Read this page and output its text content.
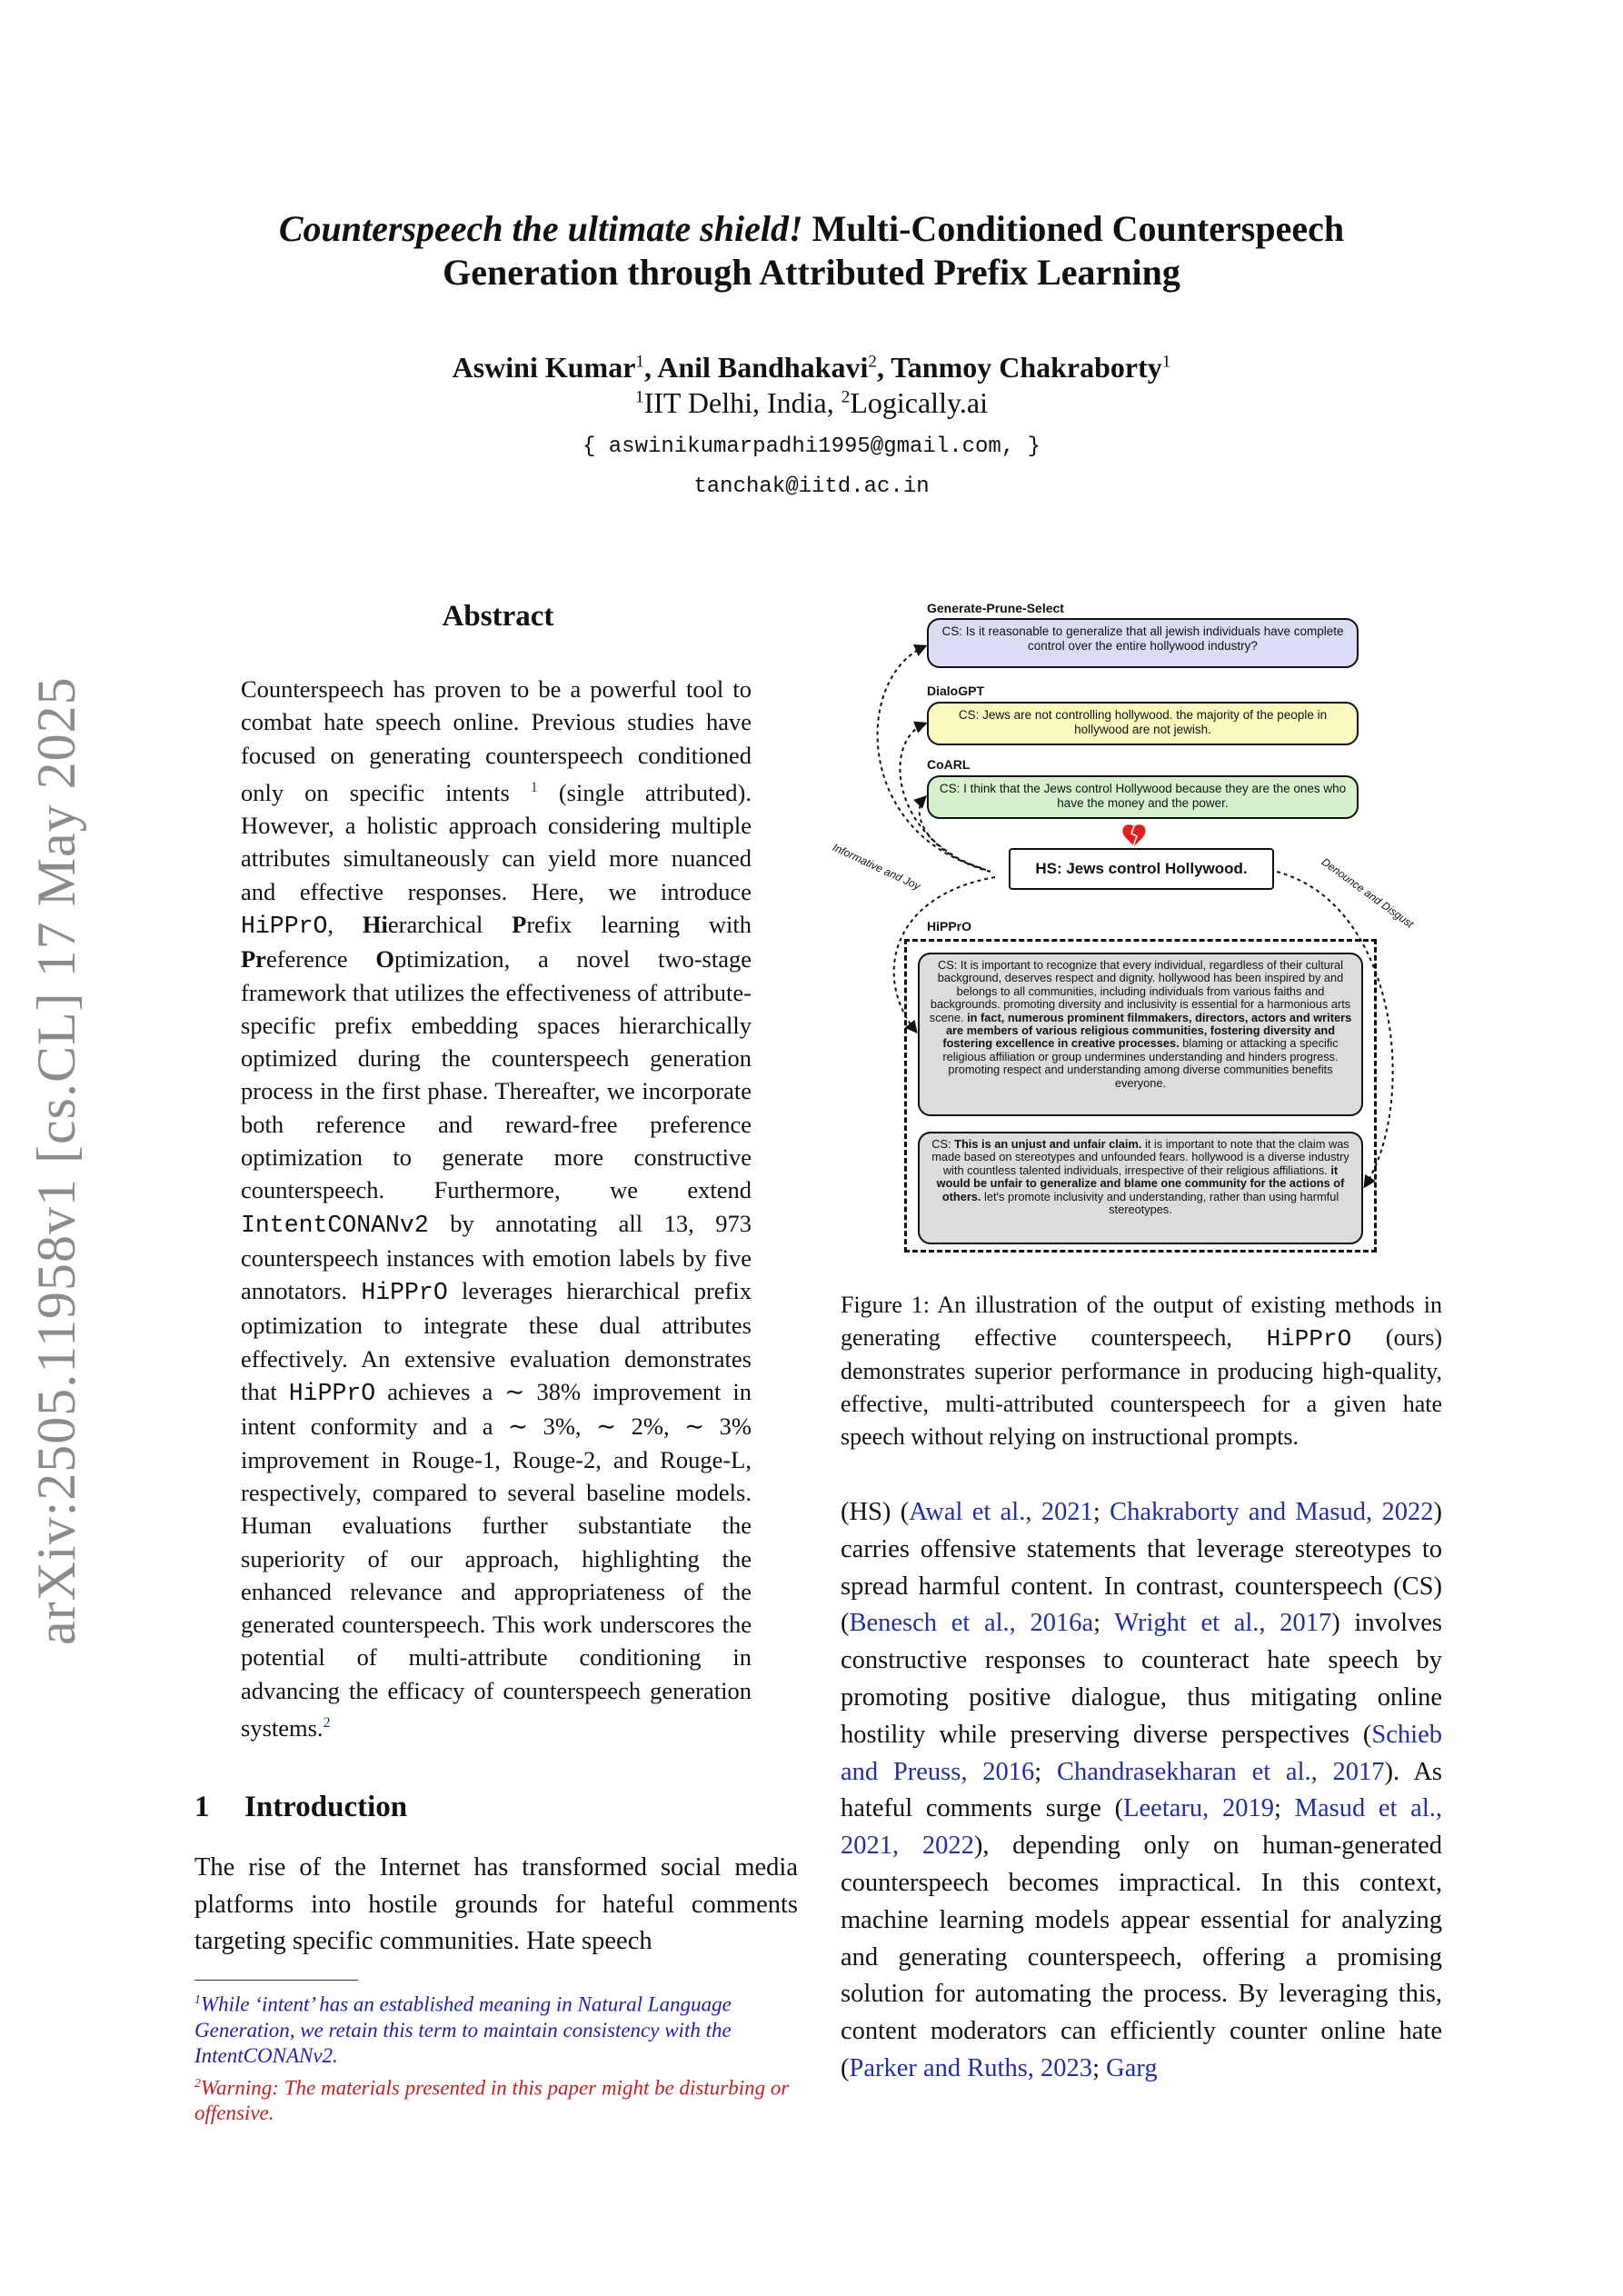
arXiv:2505.11958v1 [cs.CL] 17 May 2025

Counterspeech the ultimate shield! Multi-Conditioned Counterspeech

Generation through Attributed Prefix Learning

Aswini Kumar$^1$, Anil Bandhakavi$^2$, Tanmoy Chakraborty$^1$
$^1$IIT Delhi, India, $^2$Logically.ai
{ aswinikumarpadhi1995@gmail.com, }
tanchak@iitd.ac.in
Abstract
Counterspeech has proven to be a powerful tool to combat hate speech online. Previous studies have focused on generating counterspeech conditioned only on specific intents $^1$ (single attributed). However, a holistic approach considering multiple attributes simultaneously can yield more nuanced and effective responses. Here, we introduce HiPPrO, Hierarchical Prefix learning with Preference Optimization, a novel two-stage framework that utilizes the effectiveness of attribute-specific prefix embedding spaces hierarchically optimized during the counterspeech generation process in the first phase. Thereafter, we incorporate both reference and reward-free preference optimization to generate more constructive counterspeech. Furthermore, we extend IntentCONANv2 by annotating all 13, 973 counterspeech instances with emotion labels by five annotators. HiPPrO leverages hierarchical prefix optimization to integrate these dual attributes effectively. An extensive evaluation demonstrates that HiPPrO achieves a ∼ 38% improvement in intent conformity and a ∼ 3%, ∼ 2%, ∼ 3% improvement in Rouge-1, Rouge-2, and Rouge-L, respectively, compared to several baseline models. Human evaluations further substantiate the superiority of our approach, highlighting the enhanced relevance and appropriateness of the generated counterspeech. This work underscores the potential of multi-attribute conditioning in advancing the efficacy of counterspeech generation systems.$^2$
1 Introduction
The rise of the Internet has transformed social media platforms into hostile grounds for hateful comments targeting specific communities. Hate speech

$^1$While ‘intent’ has an established meaning in Natural Language Generation, we retain this term to maintain consistency with the IntentCONANv2.

$^2$Warning: The materials presented in this paper might be disturbing or offensive.

Generate-Prune-Select
CS: Is it reasonable to generalize that all jewish individuals have complete control over the entire hollywood industry?
DialoGPT
CS: Jews are not controlling hollywood. the majority of the people in hollywood are not jewish.
CoARL
CS: I think that the Jews control Hollywood because they are the ones who have the money and the power.
Informative and Joy	Denounce and Disgust
HS: Jews control Hollywood.
HiPPrO
CS: It is important to recognize that every individual, regardless of their cultural background, deserves respect and dignity. hollywood has been inspired by and belongs to all communities, including individuals from various faiths and backgrounds. promoting diversity and inclusivity is essential for a harmonious arts scene. in fact, numerous prominent filmmakers, directors, actors and writers are members of various religious communities, fostering diversity and fostering excellence in creative processes. blaming or attacking a specific religious affiliation or group undermines understanding and hinders progress. promoting respect and understanding among diverse communities benefits everyone.
CS: This is an unjust and unfair claim. it is important to note that the claim was made based on stereotypes and unfounded fears. hollywood is a diverse industry with countless talented individuals, irrespective of their religious affiliations. it would be unfair to generalize and blame one community for the actions of others. let's promote inclusivity and understanding, rather than using harmful stereotypes.
Figure 1: An illustration of the output of existing methods in generating effective counterspeech, HiPPrO (ours) demonstrates superior performance in producing high-quality, effective, multi-attributed counterspeech for a given hate speech without relying on instructional prompts.
(HS) (Awal et al., 2021; Chakraborty and Masud, 2022) carries offensive statements that leverage stereotypes to spread harmful content. In contrast, counterspeech (CS) (Benesch et al., 2016a; Wright et al., 2017) involves constructive responses to counteract hate speech by promoting positive dialogue, thus mitigating online hostility while preserving diverse perspectives (Schieb and Preuss, 2016; Chandrasekharan et al., 2017). As hateful comments surge (Leetaru, 2019; Masud et al., 2021, 2022), depending only on human-generated counterspeech becomes impractical. In this context, machine learning models appear essential for analyzing and generating counterspeech, offering a promising solution for automating the process. By leveraging this, content moderators can efficiently counter online hate (Parker and Ruths, 2023; Garg
